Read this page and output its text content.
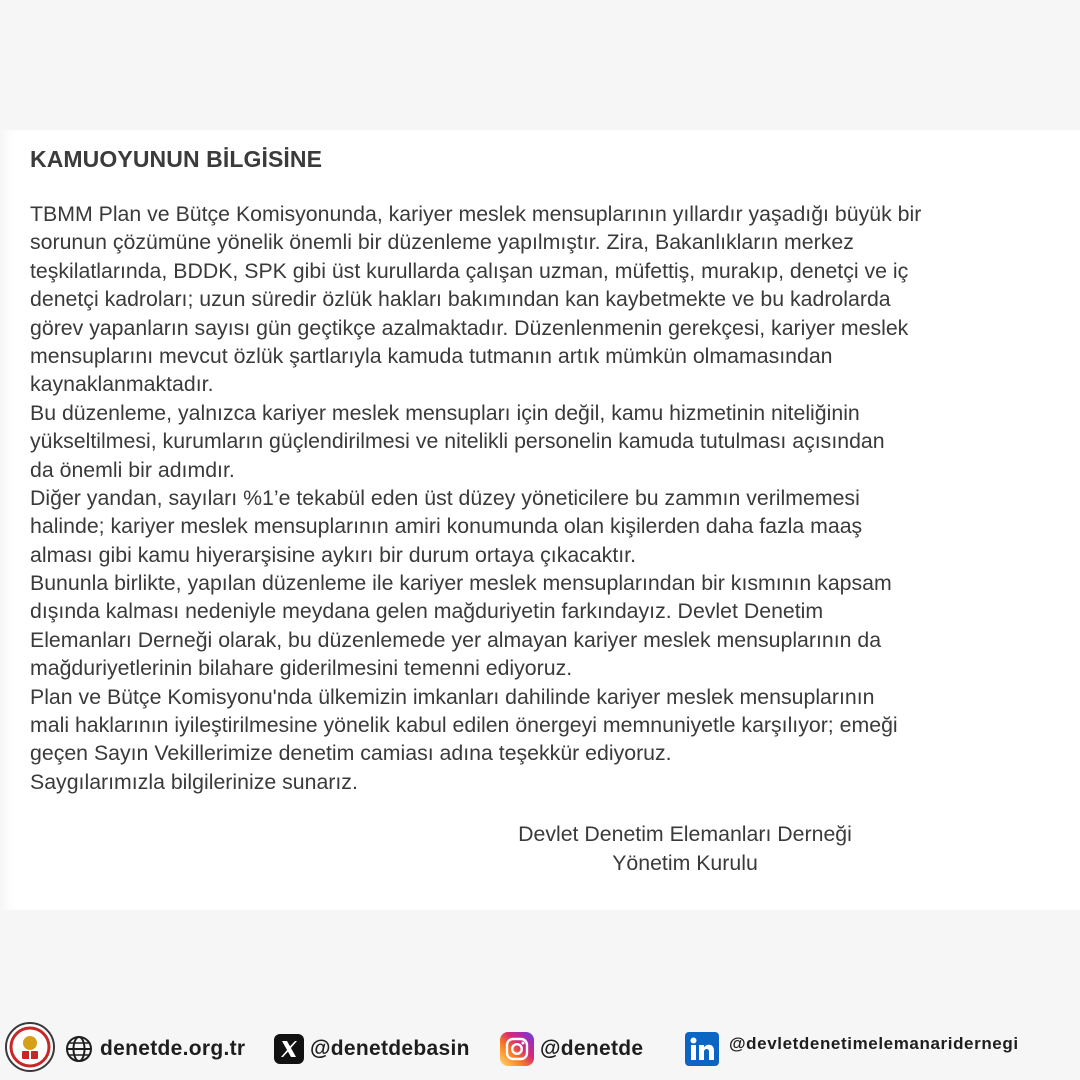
KAMUOYUNUN BİLGİSİNE
TBMM Plan ve Bütçe Komisyonunda, kariyer meslek mensuplarının yıllardır yaşadığı büyük bir
sorunun çözümüne yönelik önemli bir düzenleme yapılmıştır. Zira, Bakanlıkların merkez
teşkilatlarında, BDDK, SPK gibi üst kurullarda çalışan uzman, müfettiş, murakıp, denetçi ve iç
denetçi kadroları; uzun süredir özlük hakları bakımından kan kaybetmekte ve bu kadrolarda
görev yapanların sayısı gün geçtikçe azalmaktadır. Düzenlenmenin gerekçesi, kariyer meslek
mensuplarını mevcut özlük şartlarıyla kamuda tutmanın artık mümkün olmamasından
kaynaklanmaktadır.
Bu düzenleme, yalnızca kariyer meslek mensupları için değil, kamu hizmetinin niteliğinin
yükseltilmesi, kurumların güçlendirilmesi ve nitelikli personelin kamuda tutulması açısından
da önemli bir adımdır.
Diğer yandan, sayıları %1’e tekabül eden üst düzey yöneticilere bu zammın verilmemesi
halinde; kariyer meslek mensuplarının amiri konumunda olan kişilerden daha fazla maaş
alması gibi kamu hiyerarşisine aykırı bir durum ortaya çıkacaktır.
Bununla birlikte, yapılan düzenleme ile kariyer meslek mensuplarından bir kısmının kapsam
dışında kalması nedeniyle meydana gelen mağduriyetin farkındayız. Devlet Denetim
Elemanları Derneği olarak, bu düzenlemede yer almayan kariyer meslek mensuplarının da
mağduriyetlerinin bilahare giderilmesini temenni ediyoruz.
Plan ve Bütçe Komisyonu'nda ülkemizin imkanları dahilinde kariyer meslek mensuplarının
mali haklarının iyileştirilmesine yönelik kabul edilen önergeyi memnuniyetle karşılıyor; emeği
geçen Sayın Vekillerimize denetim camiası adına teşekkür ediyoruz.
Saygılarımızla bilgilerinize sunarız.
Devlet Denetim Elemanları Derneği
Yönetim Kurulu
denetde.org.tr	@denetdebasin	@denetde	@devletdenetimelemanaridernegi
